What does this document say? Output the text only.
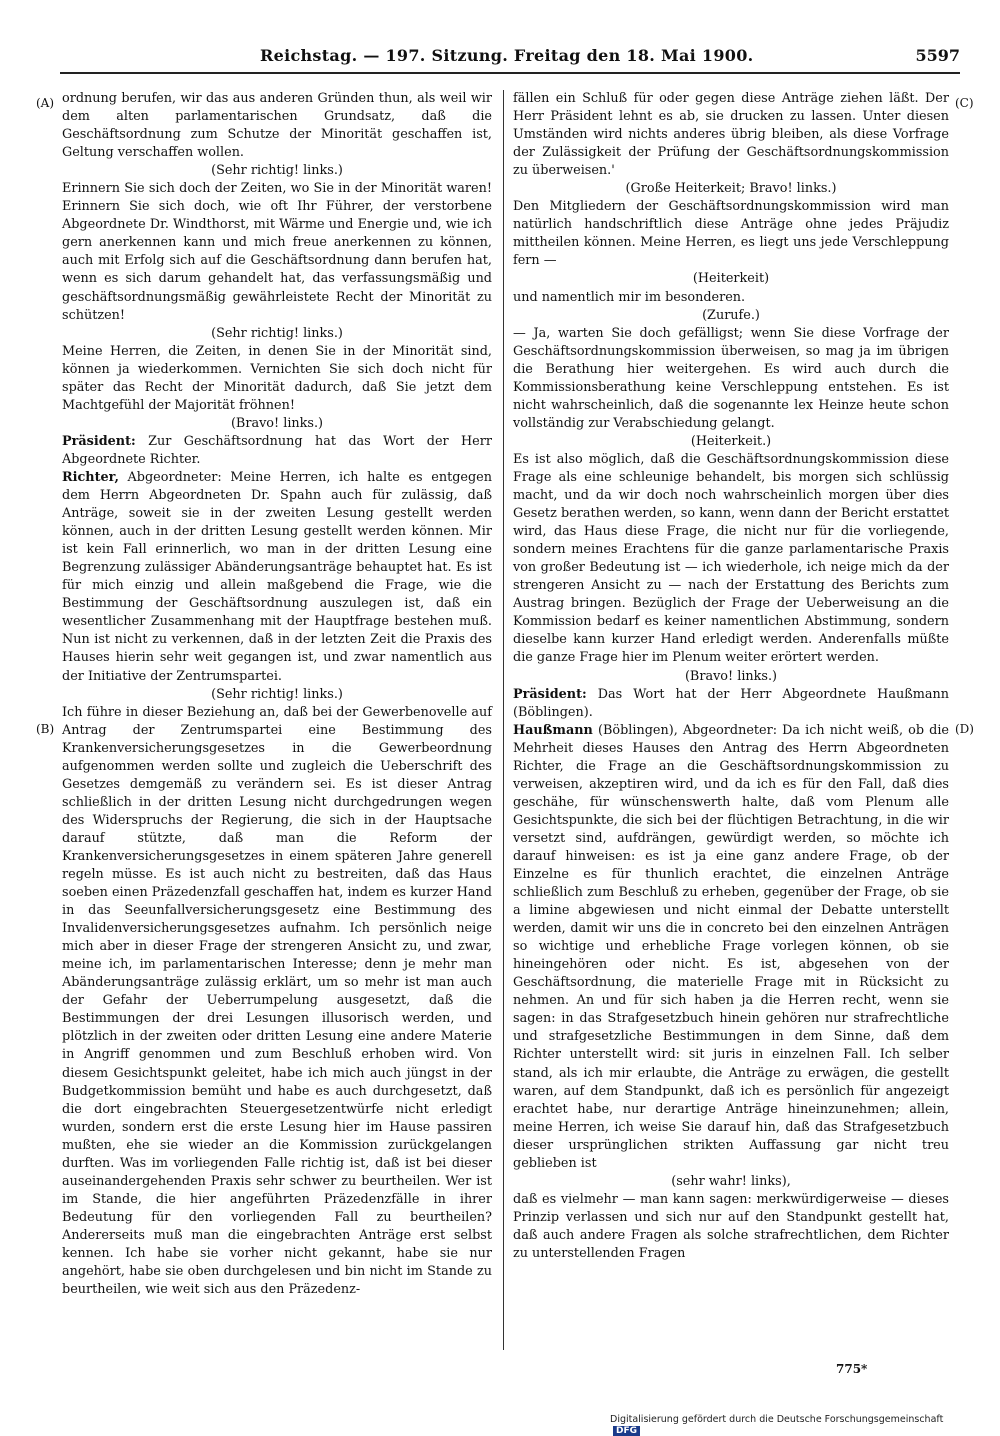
Reichstag. — 197. Sitzung. Freitag den 18. Mai 1900.	5597
(A)
(B)
(C)
(D)

ordnung berufen, wir das aus anderen Gründen thun, als weil wir dem alten parlamentarischen Grundsatz, daß die Geschäftsordnung zum Schutze der Minorität geschaffen ist, Geltung verschaffen wollen.

(Sehr richtig! links.)

Erinnern Sie sich doch der Zeiten, wo Sie in der Minorität waren! Erinnern Sie sich doch, wie oft Ihr Führer, der verstorbene Abgeordnete Dr. Windthorst, mit Wärme und Energie und, wie ich gern anerkennen kann und mich freue anerkennen zu können, auch mit Erfolg sich auf die Geschäftsordnung dann berufen hat, wenn es sich darum gehandelt hat, das verfassungsmäßig und geschäftsordnungsmäßig gewährleistete Recht der Minorität zu schützen!

(Sehr richtig! links.)

Meine Herren, die Zeiten, in denen Sie in der Minorität sind, können ja wiederkommen. Vernichten Sie sich doch nicht für später das Recht der Minorität dadurch, daß Sie jetzt dem Machtgefühl der Majorität fröhnen!

(Bravo! links.)

Präsident: Zur Geschäftsordnung hat das Wort der Herr Abgeordnete Richter.

Richter, Abgeordneter: Meine Herren, ich halte es entgegen dem Herrn Abgeordneten Dr. Spahn auch für zulässig, daß Anträge, soweit sie in der zweiten Lesung gestellt werden können, auch in der dritten Lesung gestellt werden können. Mir ist kein Fall erinnerlich, wo man in der dritten Lesung eine Begrenzung zulässiger Abänderungsanträge behauptet hat. Es ist für mich einzig und allein maßgebend die Frage, wie die Bestimmung der Geschäftsordnung auszulegen ist, daß ein wesentlicher Zusammenhang mit der Hauptfrage bestehen muß. Nun ist nicht zu verkennen, daß in der letzten Zeit die Praxis des Hauses hierin sehr weit gegangen ist, und zwar namentlich aus der Initiative der Zentrumspartei.

(Sehr richtig! links.)

Ich führe in dieser Beziehung an, daß bei der Gewerbenovelle auf Antrag der Zentrumspartei eine Bestimmung des Krankenversicherungsgesetzes in die Gewerbeordnung aufgenommen werden sollte und zugleich die Ueberschrift des Gesetzes demgemäß zu verändern sei. Es ist dieser Antrag schließlich in der dritten Lesung nicht durchgedrungen wegen des Widerspruchs der Regierung, die sich in der Hauptsache darauf stützte, daß man die Reform der Krankenversicherungsgesetzes in einem späteren Jahre generell regeln müsse. Es ist auch nicht zu bestreiten, daß das Haus soeben einen Präzedenzfall geschaffen hat, indem es kurzer Hand in das Seeunfallversicherungsgesetz eine Bestimmung des Invalidenversicherungsgesetzes aufnahm. Ich persönlich neige mich aber in dieser Frage der strengeren Ansicht zu, und zwar, meine ich, im parlamentarischen Interesse; denn je mehr man Abänderungsanträge zulässig erklärt, um so mehr ist man auch der Gefahr der Ueberrumpelung ausgesetzt, daß die Bestimmungen der drei Lesungen illusorisch werden, und plötzlich in der zweiten oder dritten Lesung eine andere Materie in Angriff genommen und zum Beschluß erhoben wird. Von diesem Gesichtspunkt geleitet, habe ich mich auch jüngst in der Budgetkommission bemüht und habe es auch durchgesetzt, daß die dort eingebrachten Steuergesetzentwürfe nicht erledigt wurden, sondern erst die erste Lesung hier im Hause passiren mußten, ehe sie wieder an die Kommission zurückgelangen durften. Was im vorliegenden Falle richtig ist, daß ist bei dieser auseinandergehenden Praxis sehr schwer zu beurtheilen. Wer ist im Stande, die hier angeführten Präzedenzfälle in ihrer Bedeutung für den vorliegenden Fall zu beurtheilen? Andererseits muß man die eingebrachten Anträge erst selbst kennen. Ich habe sie vorher nicht gekannt, habe sie nur angehört, habe sie oben durchgelesen und bin nicht im Stande zu beurtheilen, wie weit sich aus den Präzedenz-

fällen ein Schluß für oder gegen diese Anträge ziehen läßt. Der Herr Präsident lehnt es ab, sie drucken zu lassen. Unter diesen Umständen wird nichts anderes übrig bleiben, als diese Vorfrage der Zulässigkeit der Prüfung der Geschäftsordnungskommission zu überweisen.'

(Große Heiterkeit; Bravo! links.)

Den Mitgliedern der Geschäftsordnungskommission wird man natürlich handschriftlich diese Anträge ohne jedes Präjudiz mittheilen können. Meine Herren, es liegt uns jede Verschleppung fern —

(Heiterkeit)

und namentlich mir im besonderen.

(Zurufe.)

— Ja, warten Sie doch gefälligst; wenn Sie diese Vorfrage der Geschäftsordnungskommission überweisen, so mag ja im übrigen die Berathung hier weitergehen. Es wird auch durch die Kommissionsberathung keine Verschleppung entstehen. Es ist nicht wahrscheinlich, daß die sogenannte lex Heinze heute schon vollständig zur Verabschiedung gelangt.

(Heiterkeit.)

Es ist also möglich, daß die Geschäftsordnungskommission diese Frage als eine schleunige behandelt, bis morgen sich schlüssig macht, und da wir doch noch wahrscheinlich morgen über dies Gesetz berathen werden, so kann, wenn dann der Bericht erstattet wird, das Haus diese Frage, die nicht nur für die vorliegende, sondern meines Erachtens für die ganze parlamentarische Praxis von großer Bedeutung ist — ich wiederhole, ich neige mich da der strengeren Ansicht zu — nach der Erstattung des Berichts zum Austrag bringen. Bezüglich der Frage der Ueberweisung an die Kommission bedarf es keiner namentlichen Abstimmung, sondern dieselbe kann kurzer Hand erledigt werden. Anderenfalls müßte die ganze Frage hier im Plenum weiter erörtert werden.

(Bravo! links.)

Präsident: Das Wort hat der Herr Abgeordnete Haußmann (Böblingen).

Haußmann (Böblingen), Abgeordneter: Da ich nicht weiß, ob die Mehrheit dieses Hauses den Antrag des Herrn Abgeordneten Richter, die Frage an die Geschäftsordnungskommission zu verweisen, akzeptiren wird, und da ich es für den Fall, daß dies geschähe, für wünschenswerth halte, daß vom Plenum alle Gesichtspunkte, die sich bei der flüchtigen Betrachtung, in die wir versetzt sind, aufdrängen, gewürdigt werden, so möchte ich darauf hinweisen: es ist ja eine ganz andere Frage, ob der Einzelne es für thunlich erachtet, die einzelnen Anträge schließlich zum Beschluß zu erheben, gegenüber der Frage, ob sie a limine abgewiesen und nicht einmal der Debatte unterstellt werden, damit wir uns die in concreto bei den einzelnen Anträgen so wichtige und erhebliche Frage vorlegen können, ob sie hineingehören oder nicht. Es ist, abgesehen von der Geschäftsordnung, die materielle Frage mit in Rücksicht zu nehmen. An und für sich haben ja die Herren recht, wenn sie sagen: in das Strafgesetzbuch hinein gehören nur strafrechtliche und strafgesetzliche Bestimmungen in dem Sinne, daß dem Richter unterstellt wird: sit juris in einzelnen Fall. Ich selber stand, als ich mir erlaubte, die Anträge zu erwägen, die gestellt waren, auf dem Standpunkt, daß ich es persönlich für angezeigt erachtet habe, nur derartige Anträge hineinzunehmen; allein, meine Herren, ich weise Sie darauf hin, daß das Strafgesetzbuch dieser ursprünglichen strikten Auffassung gar nicht treu geblieben ist

(sehr wahr! links),

daß es vielmehr — man kann sagen: merkwürdigerweise — dieses Prinzip verlassen und sich nur auf den Standpunkt gestellt hat, daß auch andere Fragen als solche strafrechtlichen, dem Richter zu unterstellenden Fragen

775*
Digitalisierung gefördert durch die Deutsche Forschungsgemeinschaft DFG
